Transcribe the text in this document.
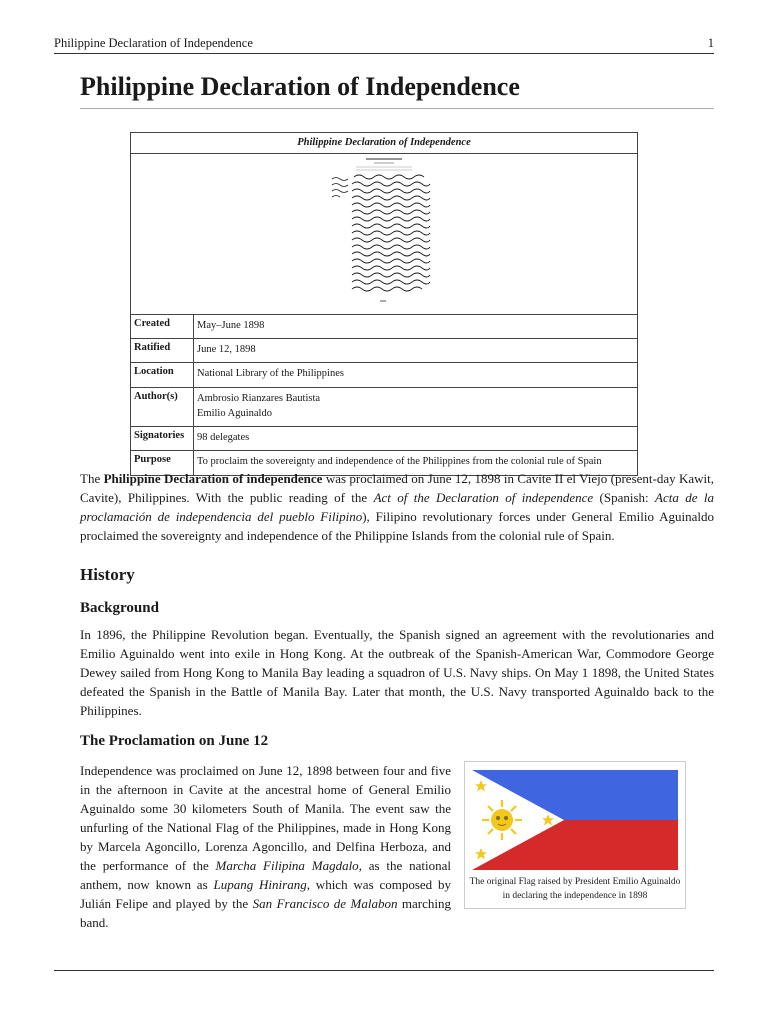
Philippine Declaration of Independence	1
Philippine Declaration of Independence
Philippine Declaration of Independence	

Created	May–June 1898
Ratified	June 12, 1898
Location	National Library of the Philippines
Author(s)	Ambrosio Rianzares Bautista
Emilio Aguinaldo

Signatories	98 delegates
Purpose	To proclaim the sovereignty and independence of the Philippines from the colonial rule of Spain

The Philippine Declaration of independence was proclaimed on June 12, 1898 in Cavite II el Viejo (present-day Kawit, Cavite), Philippines. With the public reading of the Act of the Declaration of independence (Spanish: Acta de la proclamación de independencia del pueblo Filipino), Filipino revolutionary forces under General Emilio Aguinaldo proclaimed the sovereignty and independence of the Philippine Islands from the colonial rule of Spain.

History
Background

In 1896, the Philippine Revolution began. Eventually, the Spanish signed an agreement with the revolutionaries and Emilio Aguinaldo went into exile in Hong Kong. At the outbreak of the Spanish-American War, Commodore George Dewey sailed from Hong Kong to Manila Bay leading a squadron of U.S. Navy ships. On May 1 1898, the United States defeated the Spanish in the Battle of Manila Bay. Later that month, the U.S. Navy transported Aguinaldo back to the Philippines.

The Proclamation on June 12

Independence was proclaimed on June 12, 1898 between four and five in the afternoon in Cavite at the ancestral home of General Emilio Aguinaldo some 30 kilometers South of Manila. The event saw the unfurling of the National Flag of the Philippines, made in Hong Kong by Marcela Agoncillo, Lorenza Agoncillo, and Delfina Herboza, and the performance of the Marcha Filipina Magdalo, as the national anthem, now known as Lupang Hinirang, which was composed by Julián Felipe and played by the San Francisco de Malabon marching band.

The original Flag raised by President Emilio Aguinaldo in declaring the independence in 1898
